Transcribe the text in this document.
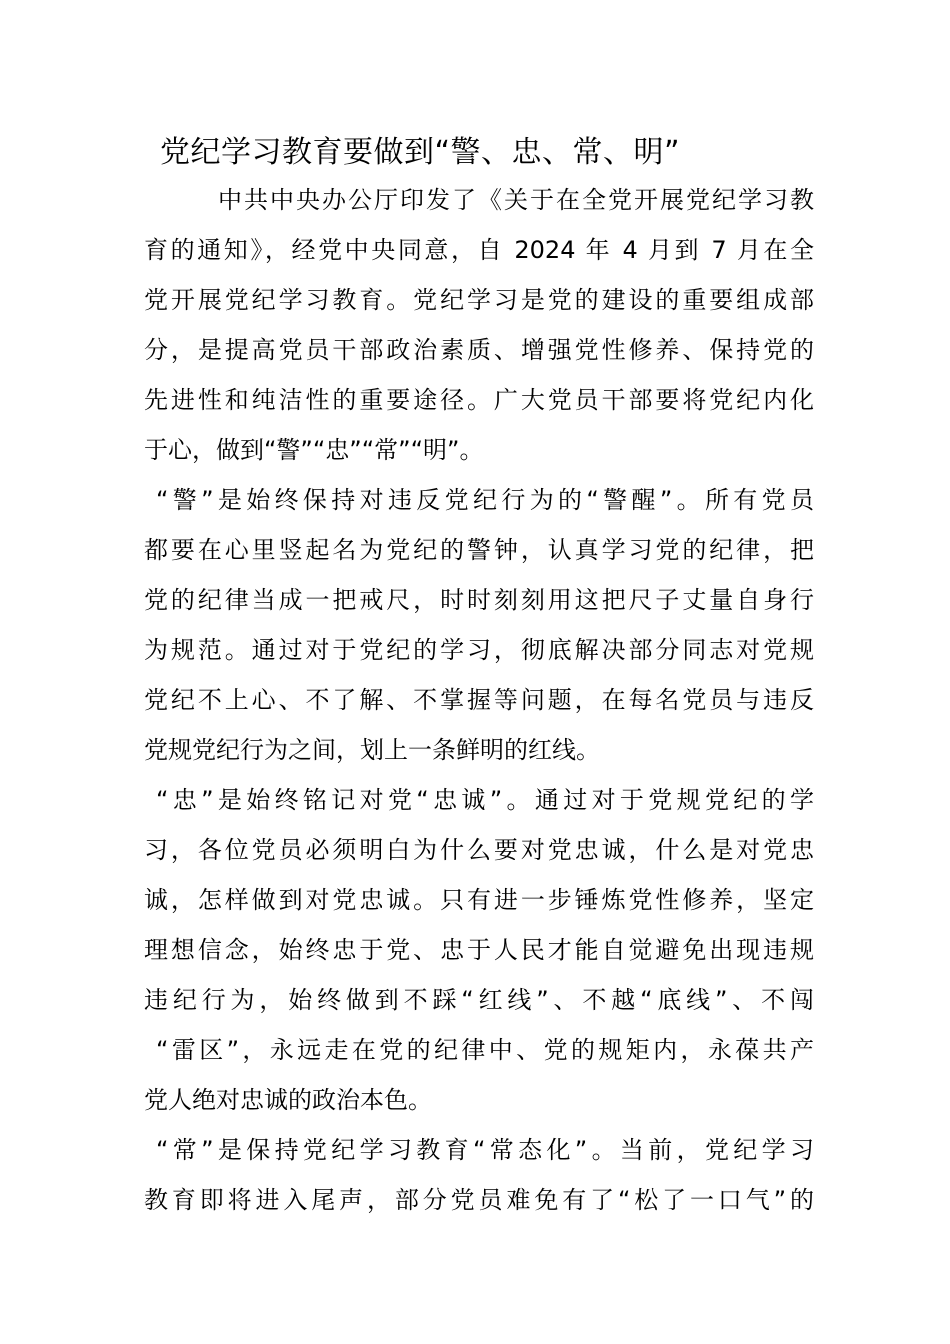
党纪学习教育要做到“警、忠、常、明”
中共中央办公厅印发了《关于在全党开展党纪学习教
育的通知》，经党中央同意，自 2024 年 4 月到 7 月在全
党开展党纪学习教育。党纪学习是党的建设的重要组成部
分，是提高党员干部政治素质、增强党性修养、保持党的
先进性和纯洁性的重要途径。广大党员干部要将党纪内化
于心，做到“警”“忠”“常”“明”。
“警”是始终保持对违反党纪行为的“警醒”。所有党员
都要在心里竖起名为党纪的警钟，认真学习党的纪律，把
党的纪律当成一把戒尺，时时刻刻用这把尺子丈量自身行
为规范。通过对于党纪的学习，彻底解决部分同志对党规
党纪不上心、不了解、不掌握等问题，在每名党员与违反
党规党纪行为之间，划上一条鲜明的红线。
“忠”是始终铭记对党“忠诚”。通过对于党规党纪的学
习，各位党员必须明白为什么要对党忠诚，什么是对党忠
诚，怎样做到对党忠诚。只有进一步锤炼党性修养，坚定
理想信念，始终忠于党、忠于人民才能自觉避免出现违规
违纪行为，始终做到不踩“红线”、不越“底线”、不闯
“雷区”，永远走在党的纪律中、党的规矩内，永葆共产
党人绝对忠诚的政治本色。
“常”是保持党纪学习教育“常态化”。当前，党纪学习
教育即将进入尾声，部分党员难免有了“松了一口气”的
